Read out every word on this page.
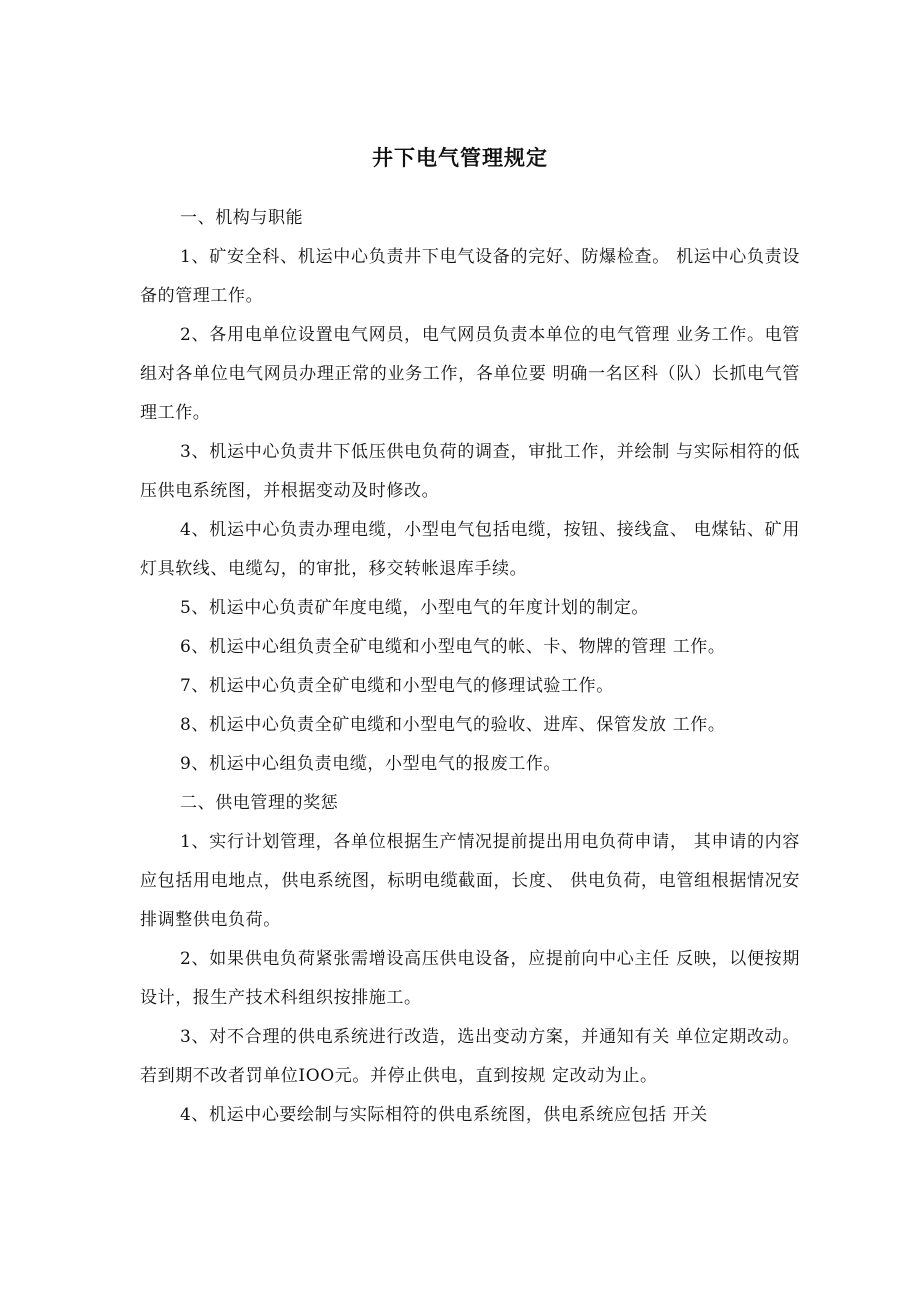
井下电气管理规定

一、机构与职能

1、矿安全科、机运中心负责井下电气设备的完好、防爆检查。 机运中心负责设备的管理工作。

2、各用电单位设置电气网员，电气网员负责本单位的电气管理 业务工作。电管组对各单位电气网员办理正常的业务工作，各单位要 明确一名区科（队）长抓电气管理工作。

3、机运中心负责井下低压供电负荷的调查，审批工作，并绘制 与实际相符的低压供电系统图，并根据变动及时修改。

4、机运中心负责办理电缆，小型电气包括电缆，按钮、接线盒、 电煤钻、矿用灯具软线、电缆勾，的审批，移交转帐退库手续。

5、机运中心负责矿年度电缆，小型电气的年度计划的制定。

6、机运中心组负责全矿电缆和小型电气的帐、卡、物牌的管理 工作。

7、机运中心负责全矿电缆和小型电气的修理试验工作。

8、机运中心负责全矿电缆和小型电气的验收、进库、保管发放 工作。

9、机运中心组负责电缆，小型电气的报废工作。

二、供电管理的奖惩

1、实行计划管理，各单位根据生产情况提前提出用电负荷申请， 其申请的内容应包括用电地点，供电系统图，标明电缆截面，长度、 供电负荷，电管组根据情况安排调整供电负荷。

2、如果供电负荷紧张需增设高压供电设备，应提前向中心主任 反映，以便按期设计，报生产技术科组织按排施工。

3、对不合理的供电系统进行改造，选出变动方案，并通知有关 单位定期改动。若到期不改者罚单位IOO元。并停止供电，直到按规 定改动为止。

4、机运中心要绘制与实际相符的供电系统图，供电系统应包括 开关
